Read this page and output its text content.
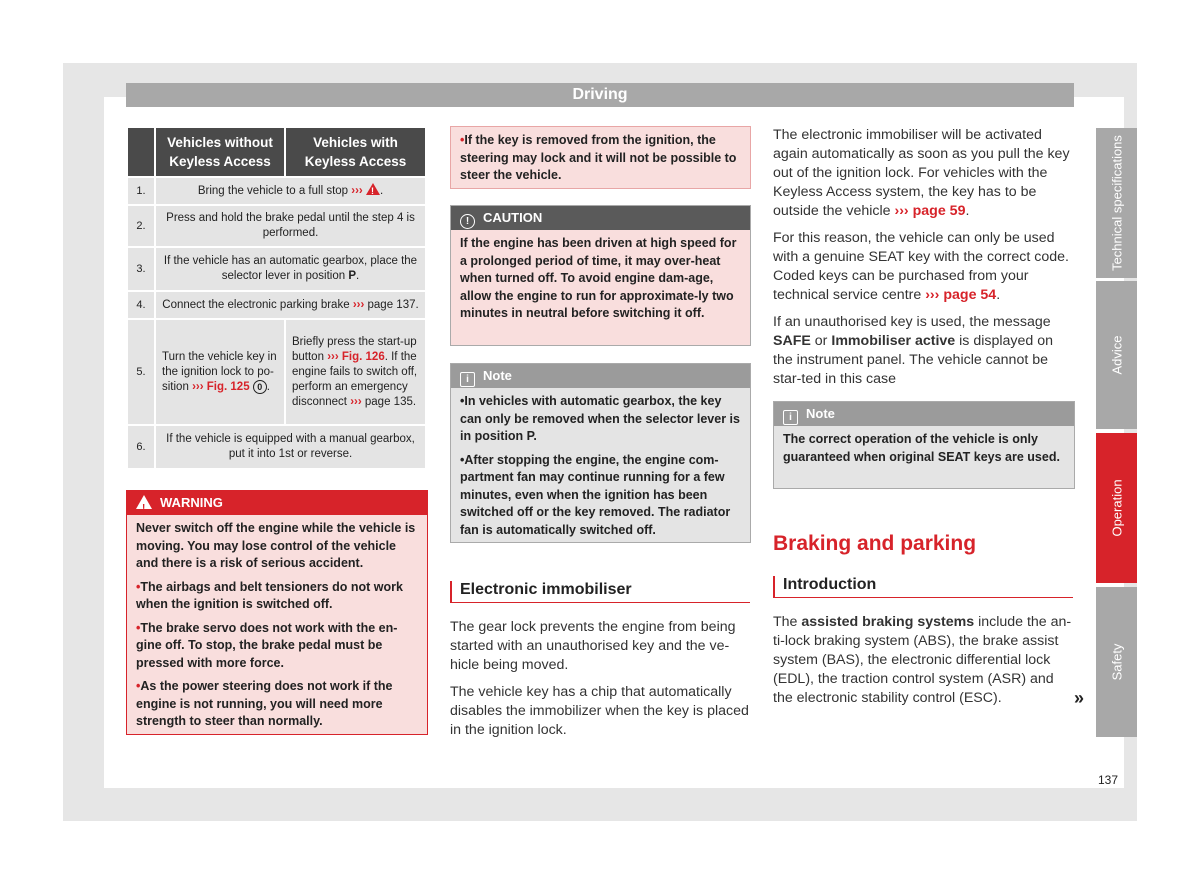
Driving
	Vehicles without Keyless Access	Vehicles with Keyless Access
1.	Bring the vehicle to a full stop ››› ! .
2.	Press and hold the brake pedal until the step 4 is performed.	
3.	If the vehicle has an automatic gearbox, place the selector lever in position P.	
4.	Connect the electronic parking brake ››› page 137.	
5.	Turn the vehicle key in the ignition lock to po-sition ››› Fig. 125 0 .	Briefly press the start-up button ››› Fig. 126. If the engine fails to switch off, perform an emergency disconnect ››› page 135.
6.	If the vehicle is equipped with a manual gearbox, put it into 1st or reverse.	
!WARNING

Never switch off the engine while the vehicle is moving. You may lose control of the vehicle and there is a risk of serious accident.

• The airbags and belt tensioners do not work when the ignition is switched off.

• The brake servo does not work with the en-gine off. To stop, the brake pedal must be pressed with more force.

• As the power steering does not work if the engine is not running, you will need more strength to steer than normally.

• If the key is removed from the ignition, the steering may lock and it will not be possible to steer the vehicle.

! CAUTION

If the engine has been driven at high speed for a prolonged period of time, it may over-heat when turned off. To avoid engine dam-age, allow the engine to run for approximate-ly two minutes in neutral before switching it off.

i Note

• In vehicles with automatic gearbox, the key can only be removed when the selector lever is in position P.

• After stopping the engine, the engine com-partment fan may continue running for a few minutes, even when the ignition has been switched off or the key removed. The radiator fan is automatically switched off.

Electronic immobiliser

The gear lock prevents the engine from being started with an unauthorised key and the ve-hicle being moved.

The vehicle key has a chip that automatically disables the immobilizer when the key is placed in the ignition lock.

The electronic immobiliser will be activated again automatically as soon as you pull the key out of the ignition lock. For vehicles with the Keyless Access system, the key has to be outside the vehicle ››› page 59.

For this reason, the vehicle can only be used with a genuine SEAT key with the correct code. Coded keys can be purchased from your technical service centre ››› page 54.

If an unauthorised key is used, the message SAFE or Immobiliser active is displayed on the instrument panel. The vehicle cannot be star-ted in this case

i Note

The correct operation of the vehicle is only guaranteed when original SEAT keys are used.

Braking and parking
Introduction

The assisted braking systems include the an-ti-lock braking system (ABS), the brake assist system (BAS), the electronic differential lock (EDL), the traction control system (ASR) and the electronic stability control (ESC).	»
Technical specifications
Advice
Operation
Safety
137
